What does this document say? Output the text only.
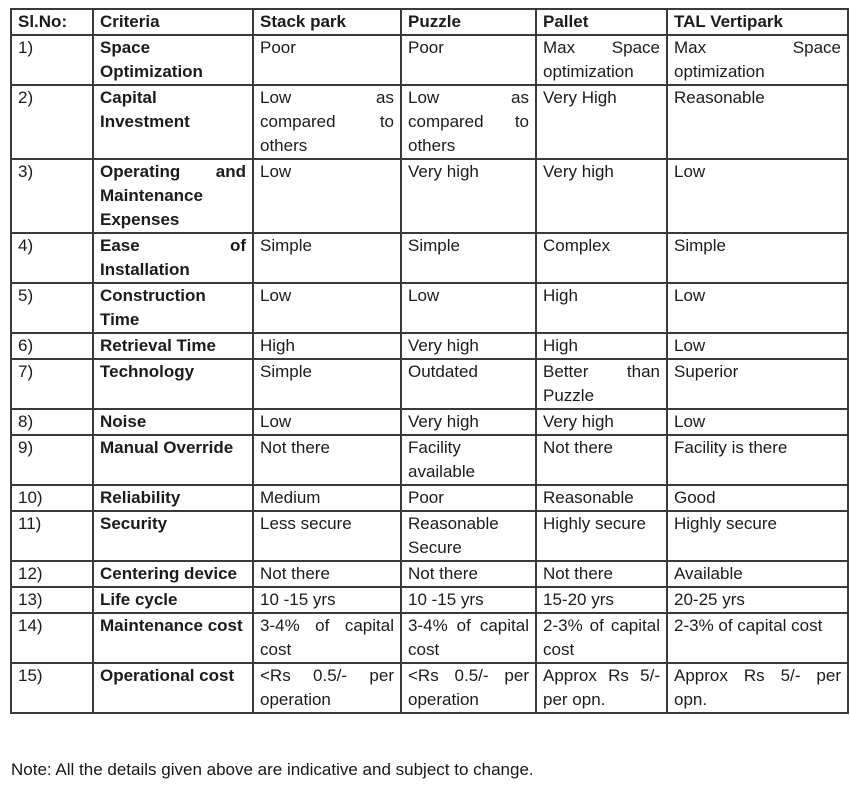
Sl.No:	Criteria	Stack park	Puzzle	Pallet	TAL Vertipark
1)	Space Optimization	Poor	Poor	Max Space optimization	Max Space optimization
2)	Capital Investment	Low as compared to others	Low as compared to others	Very High	Reasonable
3)	Operating and Maintenance Expenses	Low	Very high	Very high	Low
4)	Ease of Installation	Simple	Simple	Complex	Simple
5)	Construction Time	Low	Low	High	Low
6)	Retrieval Time	High	Very high	High	Low
7)	Technology	Simple	Outdated	Better than Puzzle	Superior
8)	Noise	Low	Very high	Very high	Low
9)	Manual Override	Not there	Facility available	Not there	Facility is there
10)	Reliability	Medium	Poor	Reasonable	Good
11)	Security	Less secure	Reasonable Secure	Highly secure	Highly secure
12)	Centering device	Not there	Not there	Not there	Available
13)	Life cycle	10 -15 yrs	10 -15 yrs	15-20 yrs	20-25 yrs
14)	Maintenance cost	3-4% of capital cost	3-4% of capital cost	2-3% of capital cost	2-3% of capital cost
15)	Operational cost	<Rs 0.5/- per operation	<Rs 0.5/- per operation	Approx Rs 5/- per opn.	Approx Rs 5/- per opn.
Note: All the details given above are indicative and subject to change.
